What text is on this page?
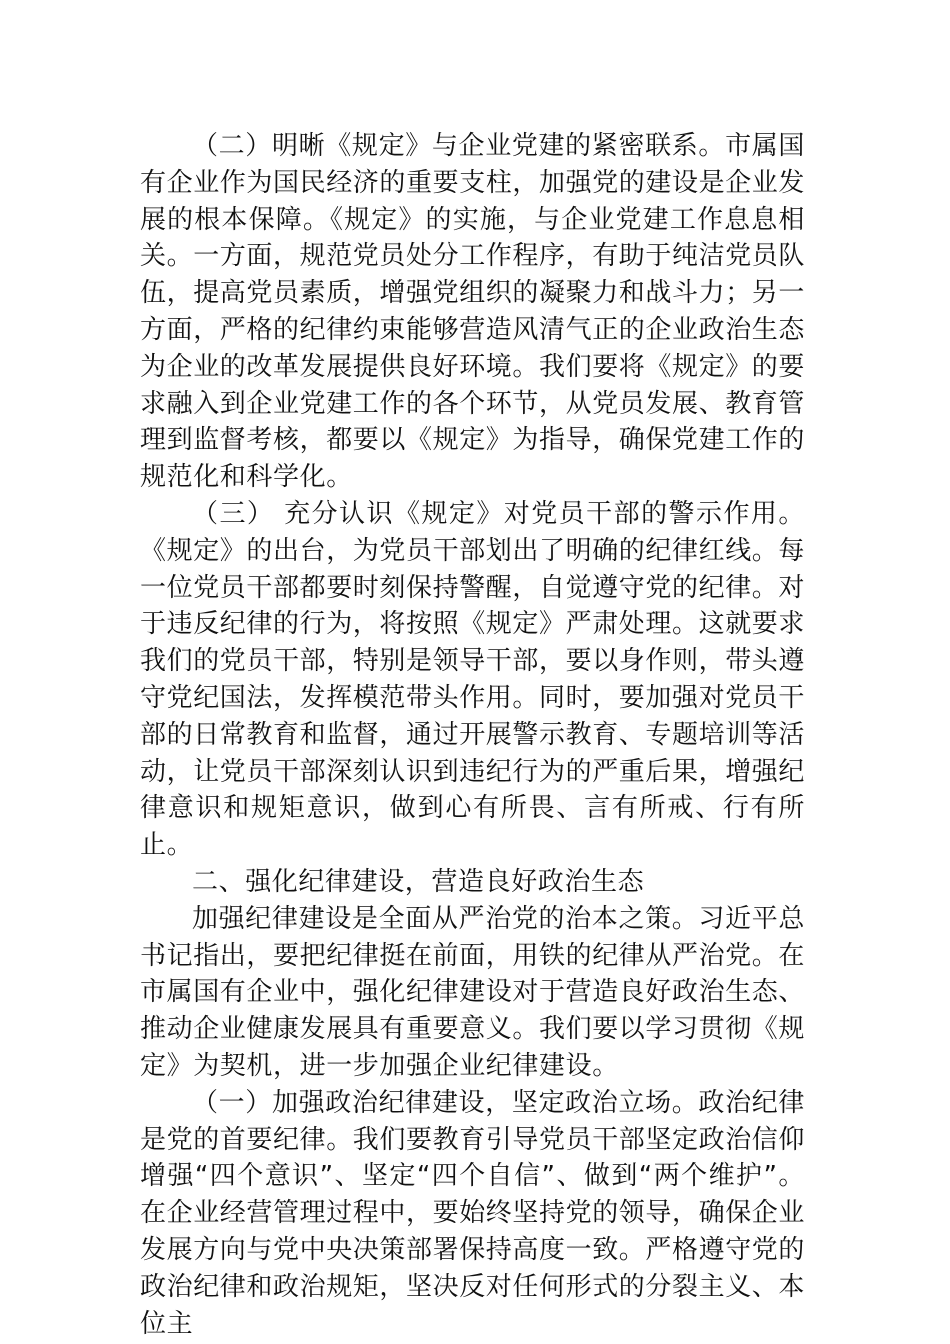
（二）明晰《规定》与企业党建的紧密联系。市属国有企业作为国民经济的重要支柱，加强党的建设是企业发展的根本保障。《规定》的实施，与企业党建工作息息相关。一方面，规范党员处分工作程序，有助于纯洁党员队伍，提高党员素质，增强党组织的凝聚力和战斗力；另一方面，严格的纪律约束能够营造风清气正的企业政治生态为企业的改革发展提供良好环境。我们要将《规定》的要求融入到企业党建工作的各个环节，从党员发展、教育管理到监督考核，都要以《规定》为指导，确保党建工作的规范化和科学化。

（三） 充分认识《规定》对党员干部的警示作用。《规定》的出台，为党员干部划出了明确的纪律红线。每一位党员干部都要时刻保持警醒，自觉遵守党的纪律。对于违反纪律的行为，将按照《规定》严肃处理。这就要求我们的党员干部，特别是领导干部，要以身作则，带头遵守党纪国法，发挥模范带头作用。同时，要加强对党员干部的日常教育和监督，通过开展警示教育、专题培训等活动，让党员干部深刻认识到违纪行为的严重后果，增强纪律意识和规矩意识，做到心有所畏、言有所戒、行有所止。

二、强化纪律建设，营造良好政治生态

加强纪律建设是全面从严治党的治本之策。习近平总书记指出，要把纪律挺在前面，用铁的纪律从严治党。在市属国有企业中，强化纪律建设对于营造良好政治生态、推动企业健康发展具有重要意义。我们要以学习贯彻《规定》为契机，进一步加强企业纪律建设。

（一）加强政治纪律建设，坚定政治立场。政治纪律是党的首要纪律。我们要教育引导党员干部坚定政治信仰增强“四个意识”、坚定“四个自信”、做到“两个维护”。在企业经营管理过程中，要始终坚持党的领导，确保企业发展方向与党中央决策部署保持高度一致。严格遵守党的政治纪律和政治规矩，坚决反对任何形式的分裂主义、本位主
